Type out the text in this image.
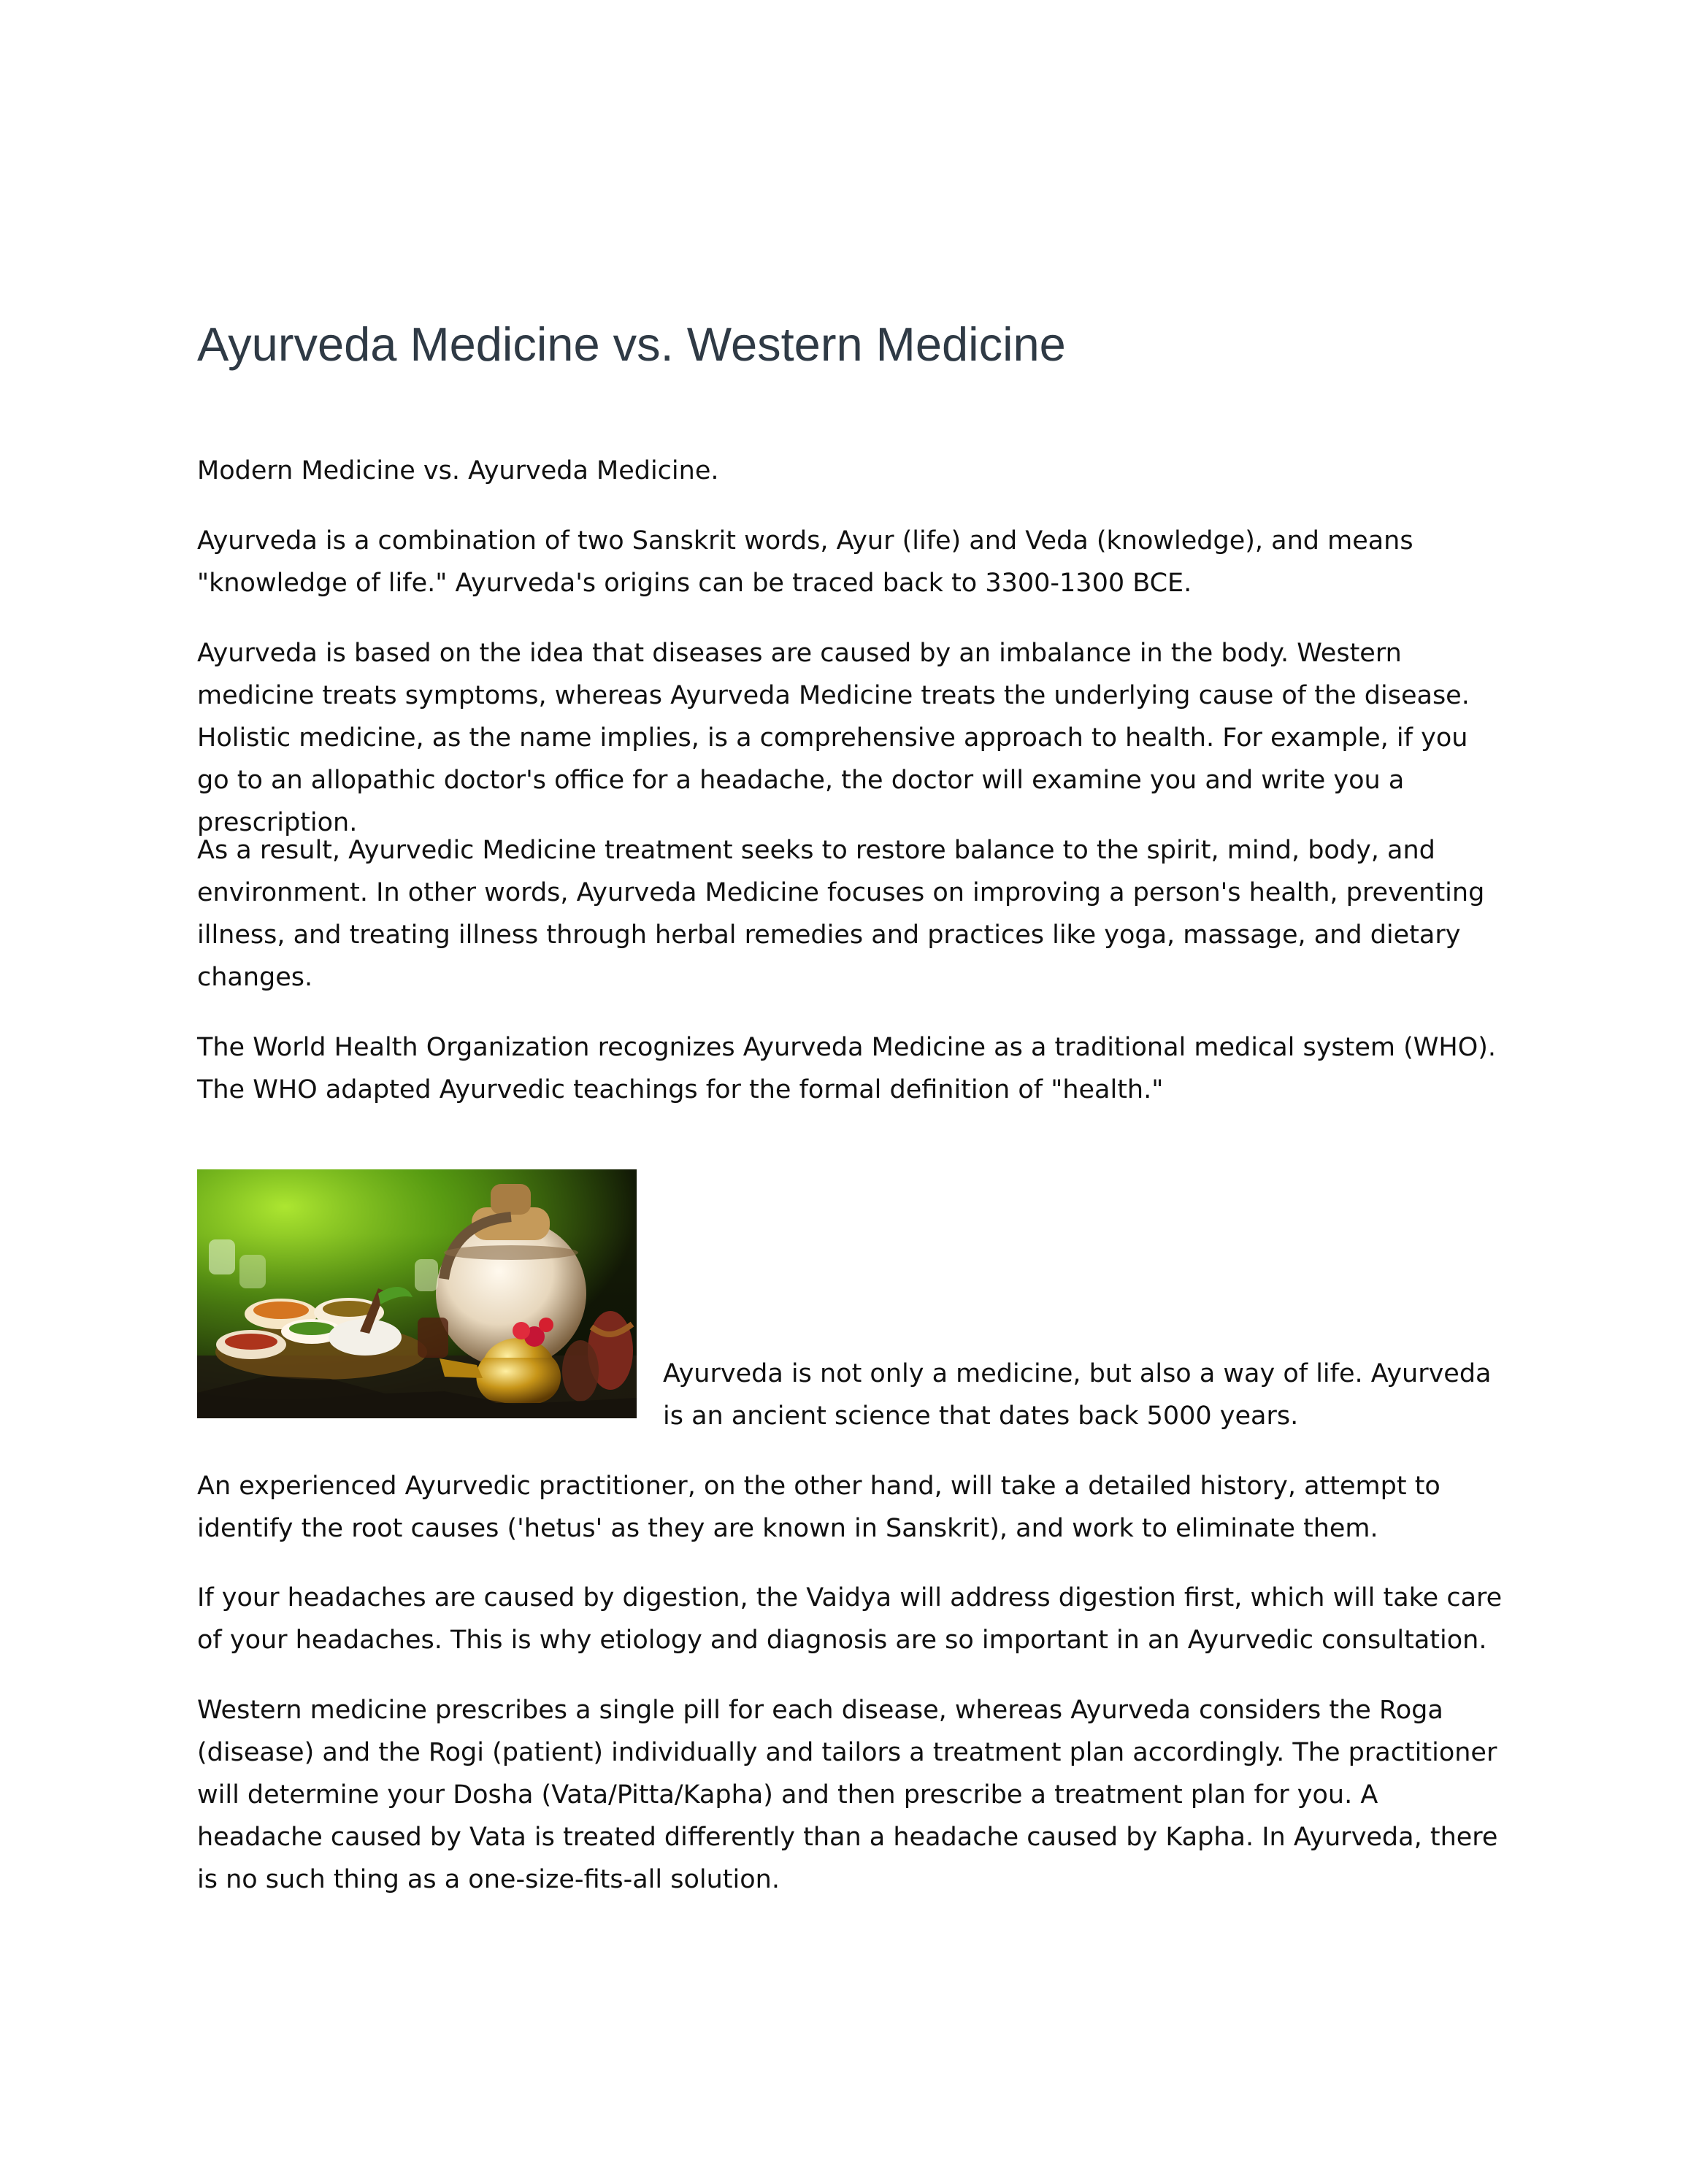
Ayurveda Medicine vs. Western Medicine

Modern Medicine vs. Ayurveda Medicine.

Ayurveda is a combination of two Sanskrit words, Ayur (life) and Veda (knowledge), and means "knowledge of life." Ayurveda's origins can be traced back to 3300-1300 BCE.

Ayurveda is based on the idea that diseases are caused by an imbalance in the body. Western medicine treats symptoms, whereas Ayurveda Medicine treats the underlying cause of the disease. Holistic medicine, as the name implies, is a comprehensive approach to health. For example, if you go to an allopathic doctor's office for a headache, the doctor will examine you and write you a prescription.

As a result, Ayurvedic Medicine treatment seeks to restore balance to the spirit, mind, body, and environment. In other words, Ayurveda Medicine focuses on improving a person's health, preventing illness, and treating illness through herbal remedies and practices like yoga, massage, and dietary changes.

The World Health Organization recognizes Ayurveda Medicine as a traditional medical system (WHO). The WHO adapted Ayurvedic teachings for the formal definition of "health."

Ayurveda is not only a medicine, but also a way of life. Ayurveda is an ancient science that dates back 5000 years.

An experienced Ayurvedic practitioner, on the other hand, will take a detailed history, attempt to identify the root causes ('hetus' as they are known in Sanskrit), and work to eliminate them.

If your headaches are caused by digestion, the Vaidya will address digestion first, which will take care of your headaches. This is why etiology and diagnosis are so important in an Ayurvedic consultation.

Western medicine prescribes a single pill for each disease, whereas Ayurveda considers the Roga (disease) and the Rogi (patient) individually and tailors a treatment plan accordingly. The practitioner will determine your Dosha (Vata/Pitta/Kapha) and then prescribe a treatment plan for you. A headache caused by Vata is treated differently than a headache caused by Kapha. In Ayurveda, there is no such thing as a one-size-fits-all solution.
